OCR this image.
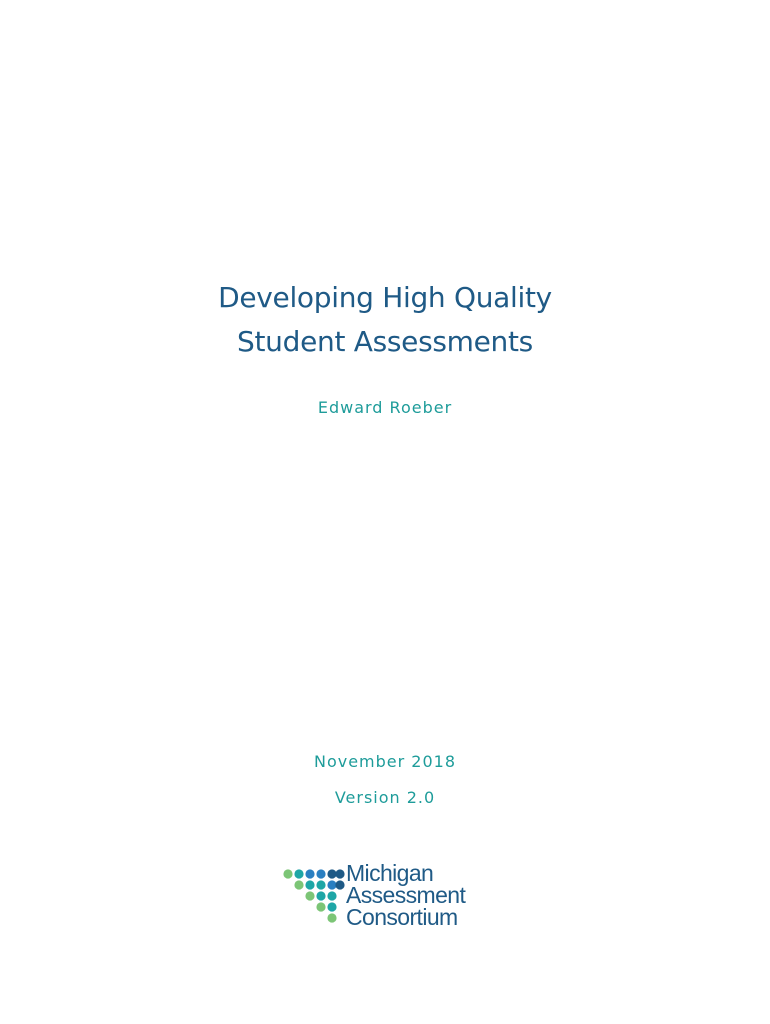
Developing High Quality
Student Assessments
Edward Roeber
November 2018
Version 2.0
Michigan
Assessment
Consortium
